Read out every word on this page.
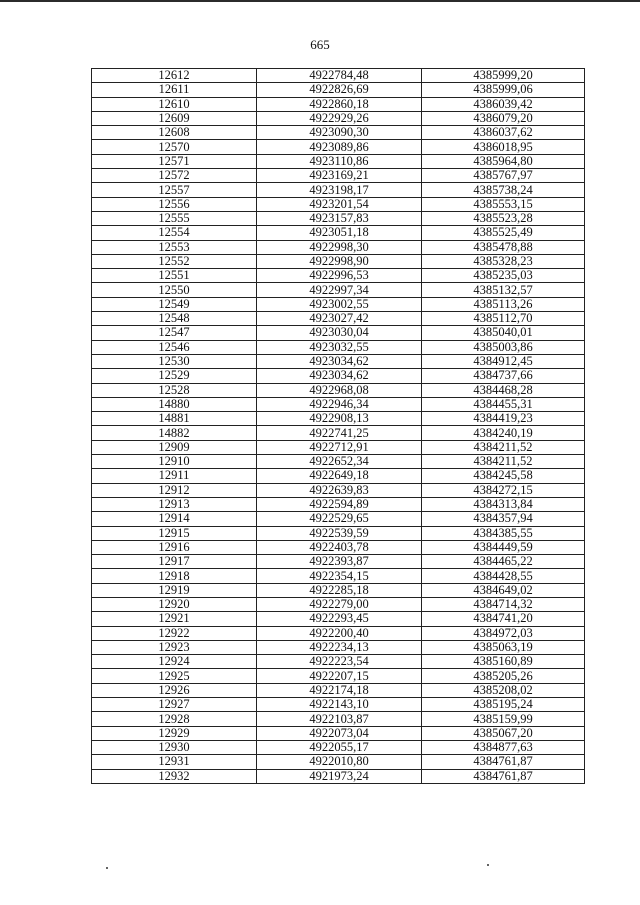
665
12612	4922784,48	4385999,20
12611	4922826,69	4385999,06
12610	4922860,18	4386039,42
12609	4922929,26	4386079,20
12608	4923090,30	4386037,62
12570	4923089,86	4386018,95
12571	4923110,86	4385964,80
12572	4923169,21	4385767,97
12557	4923198,17	4385738,24
12556	4923201,54	4385553,15
12555	4923157,83	4385523,28
12554	4923051,18	4385525,49
12553	4922998,30	4385478,88
12552	4922998,90	4385328,23
12551	4922996,53	4385235,03
12550	4922997,34	4385132,57
12549	4923002,55	4385113,26
12548	4923027,42	4385112,70
12547	4923030,04	4385040,01
12546	4923032,55	4385003,86
12530	4923034,62	4384912,45
12529	4923034,62	4384737,66
12528	4922968,08	4384468,28
14880	4922946,34	4384455,31
14881	4922908,13	4384419,23
14882	4922741,25	4384240,19
12909	4922712,91	4384211,52
12910	4922652,34	4384211,52
12911	4922649,18	4384245,58
12912	4922639,83	4384272,15
12913	4922594,89	4384313,84
12914	4922529,65	4384357,94
12915	4922539,59	4384385,55
12916	4922403,78	4384449,59
12917	4922393,87	4384465,22
12918	4922354,15	4384428,55
12919	4922285,18	4384649,02
12920	4922279,00	4384714,32
12921	4922293,45	4384741,20
12922	4922200,40	4384972,03
12923	4922234,13	4385063,19
12924	4922223,54	4385160,89
12925	4922207,15	4385205,26
12926	4922174,18	4385208,02
12927	4922143,10	4385195,24
12928	4922103,87	4385159,99
12929	4922073,04	4385067,20
12930	4922055,17	4384877,63
12931	4922010,80	4384761,87
12932	4921973,24	4384761,87
